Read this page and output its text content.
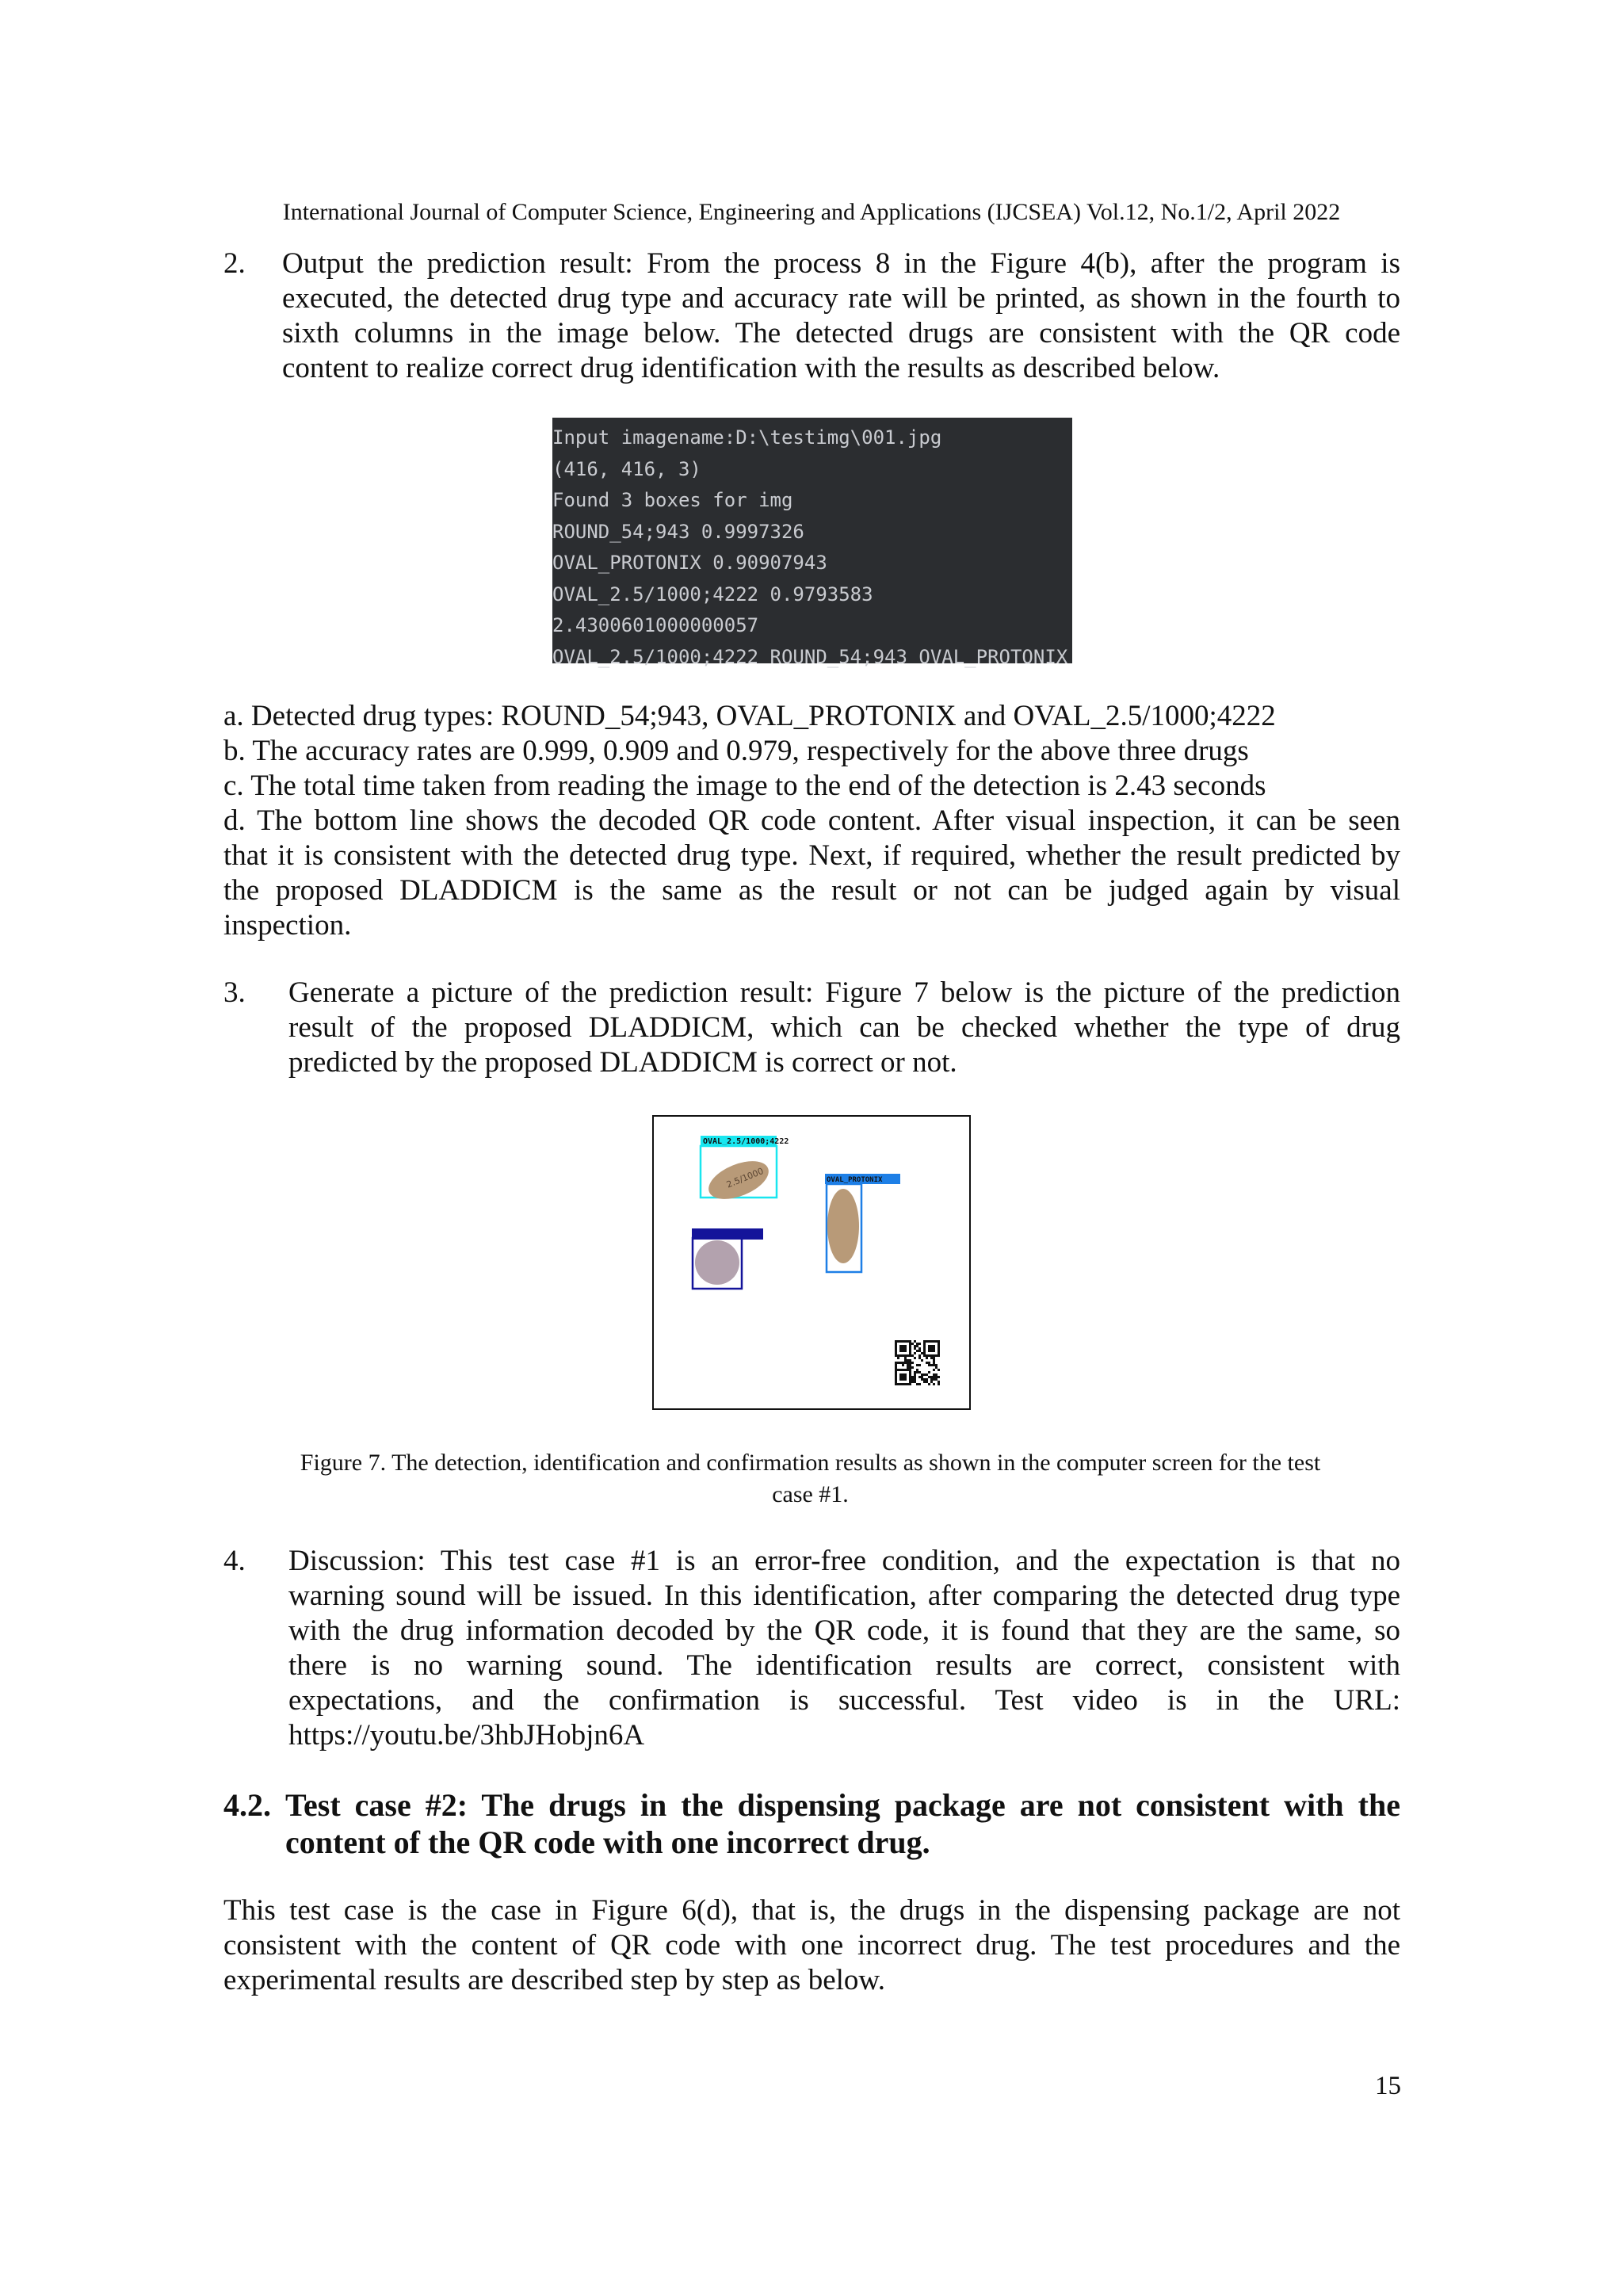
International Journal of Computer Science, Engineering and Applications (IJCSEA) Vol.12, No.1/2, April 2022
2. Output the prediction result: From the process 8 in the Figure 4(b), after the program is
executed, the detected drug type and accuracy rate will be printed, as shown in the fourth to
sixth columns in the image below. The detected drugs are consistent with the QR code
content to realize correct drug identification with the results as described below.
Input imagename:D:\testimg\001.jpg
(416, 416, 3)
Found 3 boxes for img
ROUND_54;943 0.9997326
OVAL_PROTONIX 0.90907943
OVAL_2.5/1000;4222 0.9793583
2.4300601000000057
OVAL_2.5/1000;4222 ROUND_54;943 OVAL_PROTONIX
a. Detected drug types: ROUND_54;943, OVAL_PROTONIX and OVAL_2.5/1000;4222
b. The accuracy rates are 0.999, 0.909 and 0.979, respectively for the above three drugs
c. The total time taken from reading the image to the end of the detection is 2.43 seconds
d. The bottom line shows the decoded QR code content. After visual inspection, it can be seen
that it is consistent with the detected drug type. Next, if required, whether the result predicted by
the proposed DLADDICM is the same as the result or not can be judged again by visual
inspection.
3. Generate a picture of the prediction result: Figure 7 below is the picture of the prediction
result of the proposed DLADDICM, which can be checked whether the type of drug
predicted by the proposed DLADDICM is correct or not.
OVAL_2.5/1000;4222
2.5/1000	OVAL_PROTONIX
Figure 7. The detection, identification and confirmation results as shown in the computer screen for the test
case #1.
4. Discussion: This test case #1 is an error-free condition, and the expectation is that no
warning sound will be issued. In this identification, after comparing the detected drug type
with the drug information decoded by the QR code, it is found that they are the same, so
there is no warning sound. The identification results are correct, consistent with
expectations, and the confirmation is successful. Test video is in the URL:
https://youtu.be/3hbJHobjn6A
4.2. Test case #2: The drugs in the dispensing package are not consistent with the
content of the QR code with one incorrect drug.
This test case is the case in Figure 6(d), that is, the drugs in the dispensing package are not
consistent with the content of QR code with one incorrect drug. The test procedures and the
experimental results are described step by step as below.
15
